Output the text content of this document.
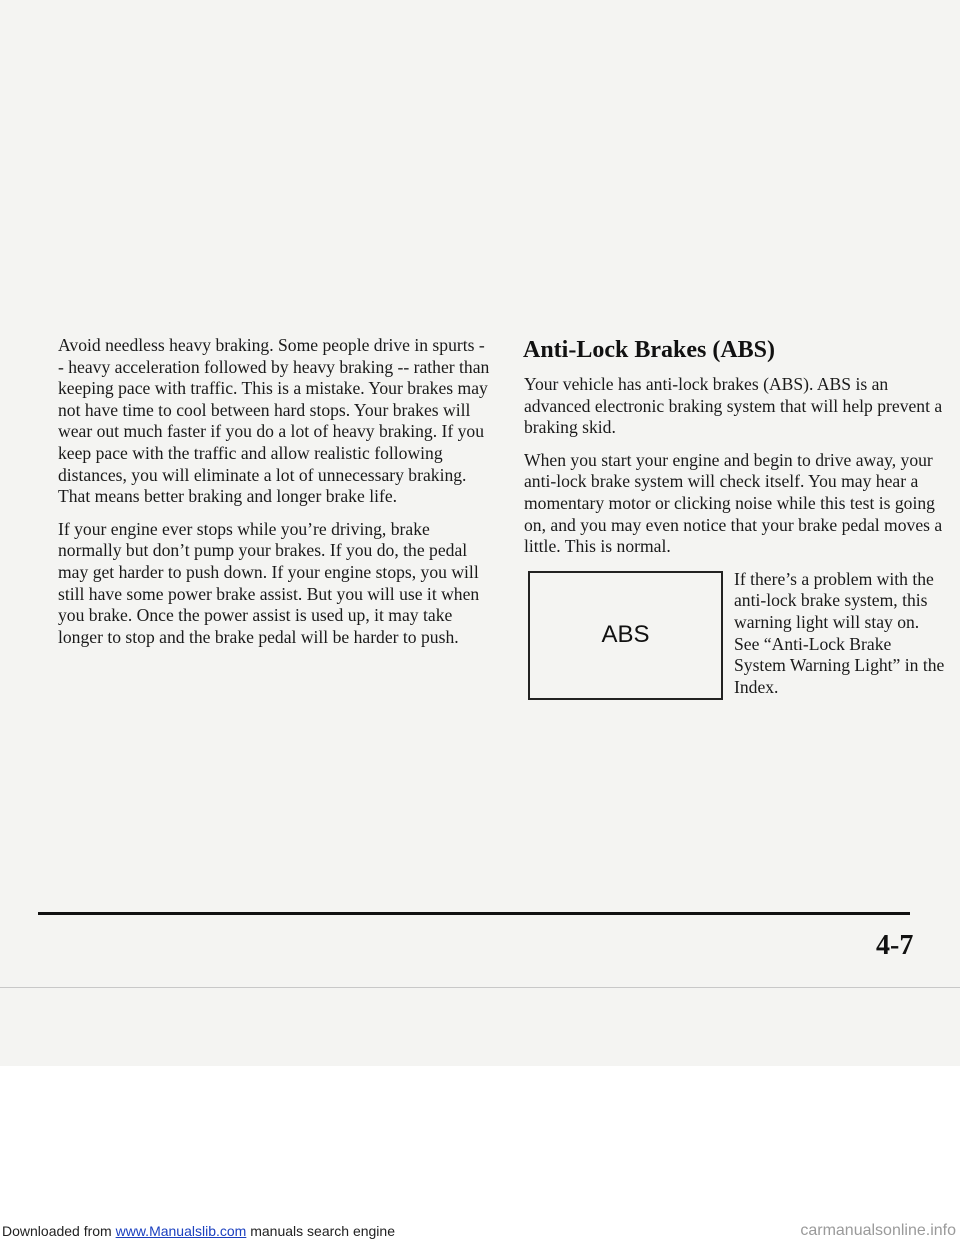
Avoid needless heavy braking. Some people drive in spurts -- heavy acceleration followed by heavy braking -- rather than keeping pace with traffic. This is a mistake. Your brakes may not have time to cool between hard stops. Your brakes will wear out much faster if you do a lot of heavy braking. If you keep pace with the traffic and allow realistic following distances, you will eliminate a lot of unnecessary braking. That means better braking and longer brake life.

If your engine ever stops while you’re driving, brake normally but don’t pump your brakes. If you do, the pedal may get harder to push down. If your engine stops, you will still have some power brake assist. But you will use it when you brake. Once the power assist is used up, it may take longer to stop and the brake pedal will be harder to push.

Anti-Lock Brakes (ABS)

Your vehicle has anti-lock brakes (ABS). ABS is an advanced electronic braking system that will help prevent a braking skid.

When you start your engine and begin to drive away, your anti-lock brake system will check itself. You may hear a momentary motor or clicking noise while this test is going on, and you may even notice that your brake pedal moves a little. This is normal.

ABS

If there’s a problem with the anti-lock brake system, this warning light will stay on. See “Anti-Lock Brake System Warning Light” in the Index.

4-7
Downloaded from www.Manualslib.com manuals search engine	carmanualsonline.info
